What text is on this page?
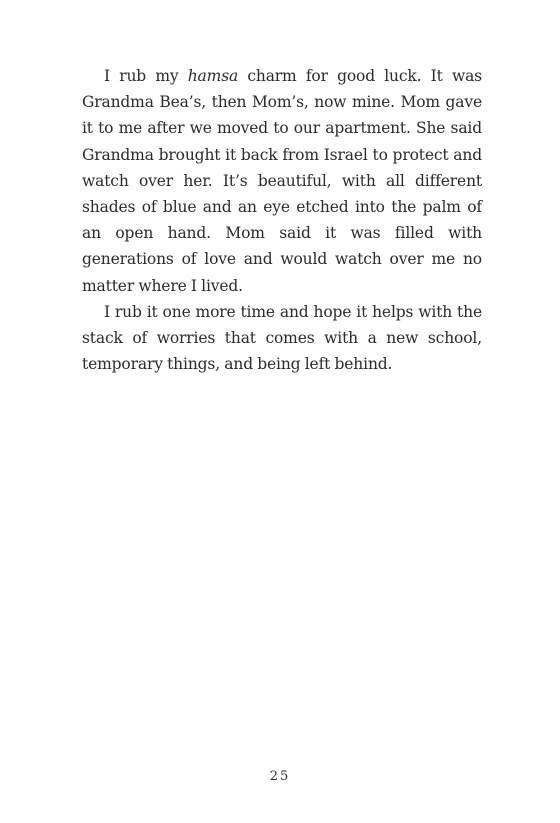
I rub my hamsa charm for good luck. It was Grandma Bea’s, then Mom’s, now mine. Mom gave it to me after we moved to our apartment. She said Grandma brought it back from Israel to protect and watch over her. It’s beautiful, with all different shades of blue and an eye etched into the palm of an open hand. Mom said it was filled with generations of love and would watch over me no matter where I lived.

I rub it one more time and hope it helps with the stack of worries that comes with a new school, temporary things, and being left behind.

25
